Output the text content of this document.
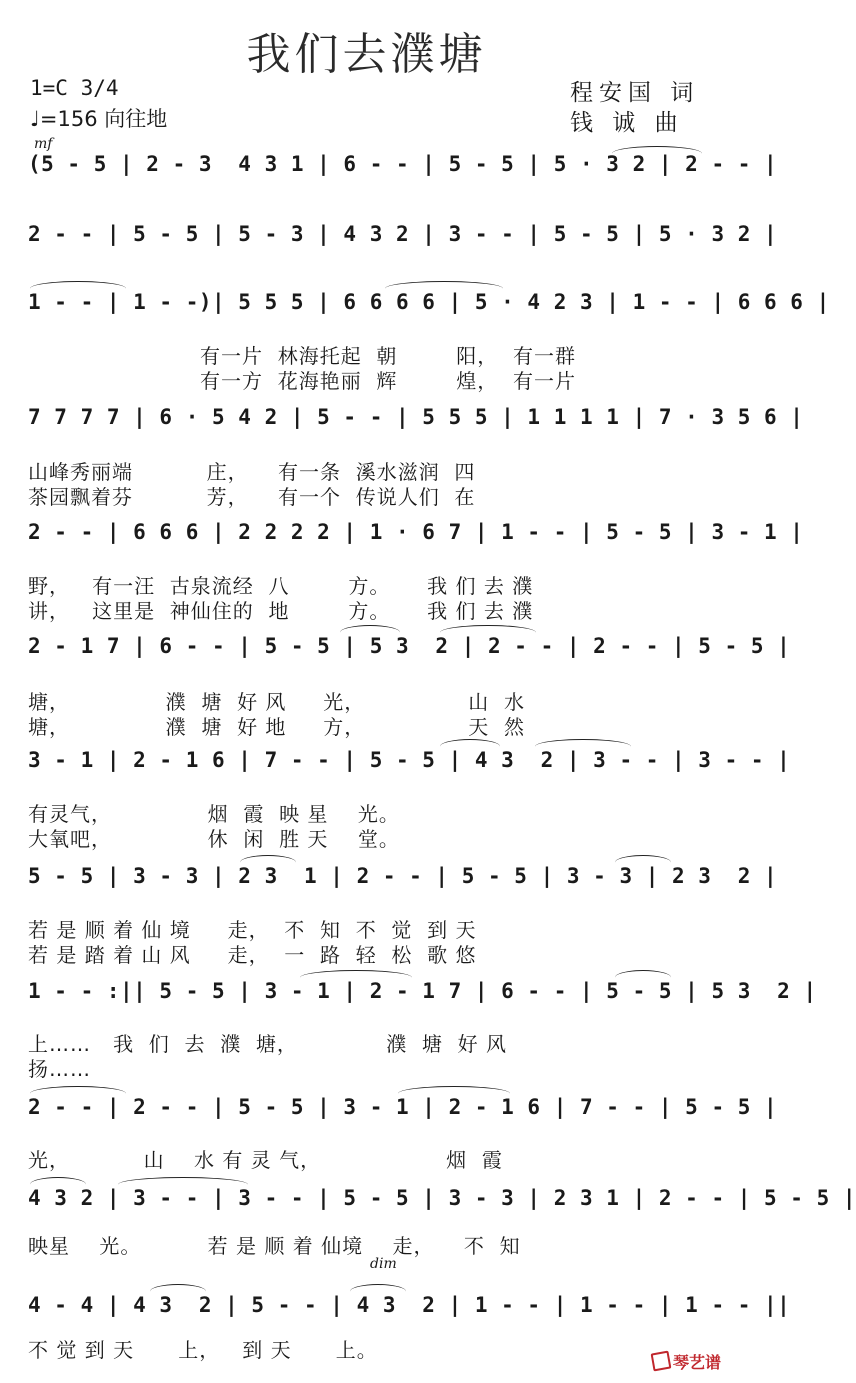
我们去濮塘
1=C 3/4
♩=156 向往地
程安国 词
钱 诚 曲
mf
(5 - 5 | 2 - 3  4 3 1 | 6 - - | 5 - 5 | 5 · 3 2 | 2 - - |
2 - - | 5 - 5 | 5 - 3 | 4 3 2 | 3 - - | 5 - 5 | 5 · 3 2 |
1 - - | 1 - -)| 5 5 5 | 6 6 6 6 | 5 · 4 2 3 | 1 - - | 6 6 6 |
7 7 7 7 | 6 · 5 4 2 | 5 - - | 5 5 5 | 1 1 1 1 | 7 · 3 5 6 |
2 - - | 6 6 6 | 2 2 2 2 | 1 · 6 7 | 1 - - | 5 - 5 | 3 - 1 |
2 - 1 7 | 6 - - | 5 - 5 | 5 3  2 | 2 - - | 2 - - | 5 - 5 |
3 - 1 | 2 - 1 6 | 7 - - | 5 - 5 | 4 3  2 | 3 - - | 3 - - |
5 - 5 | 3 - 3 | 2 3  1 | 2 - - | 5 - 5 | 3 - 3 | 2 3  2 |
1 - - :|| 5 - 5 | 3 - 1 | 2 - 1 7 | 6 - - | 5 - 5 | 5 3  2 |
2 - - | 2 - - | 5 - 5 | 3 - 1 | 2 - 1 6 | 7 - - | 5 - 5 |
4 3 2 | 3 - - | 3 - - | 5 - 5 | 3 - 3 | 2 3 1 | 2 - - | 5 - 5 |
4 - 4 | 4 3  2 | 5 - - | 4 3  2 | 1 - - | 1 - - | 1 - - ||
有一片  林海托起  朝        阳，  有一群
有一方  花海艳丽  辉        煌，  有一片
山峰秀丽端          庄，    有一条  溪水滋润  四
茶园飘着芬          芳，    有一个  传说人们  在
野，   有一汪  古泉流经  八        方。     我 们 去 濮
讲，   这里是  神仙住的  地        方。     我 们 去 濮
塘，             濮  塘  好 风     光，              山  水
塘，             濮  塘  好 地     方，              天  然
有灵气，             烟  霞  映 星    光。
大氧吧，             休  闲  胜 天    堂。
若 是 顺 着 仙 境     走，  不  知  不  觉  到 天
若 是 踏 着 山 风     走，  一  路  轻  松  歌 悠
上……   我  们  去  濮  塘，            濮  塘  好 风
扬……
光，          山    水 有 灵 气，                 烟  霞
映星    光。         若 是 顺 着 仙境    走，    不  知
dim
不 觉 到 天      上，   到 天      上。
琴艺谱
